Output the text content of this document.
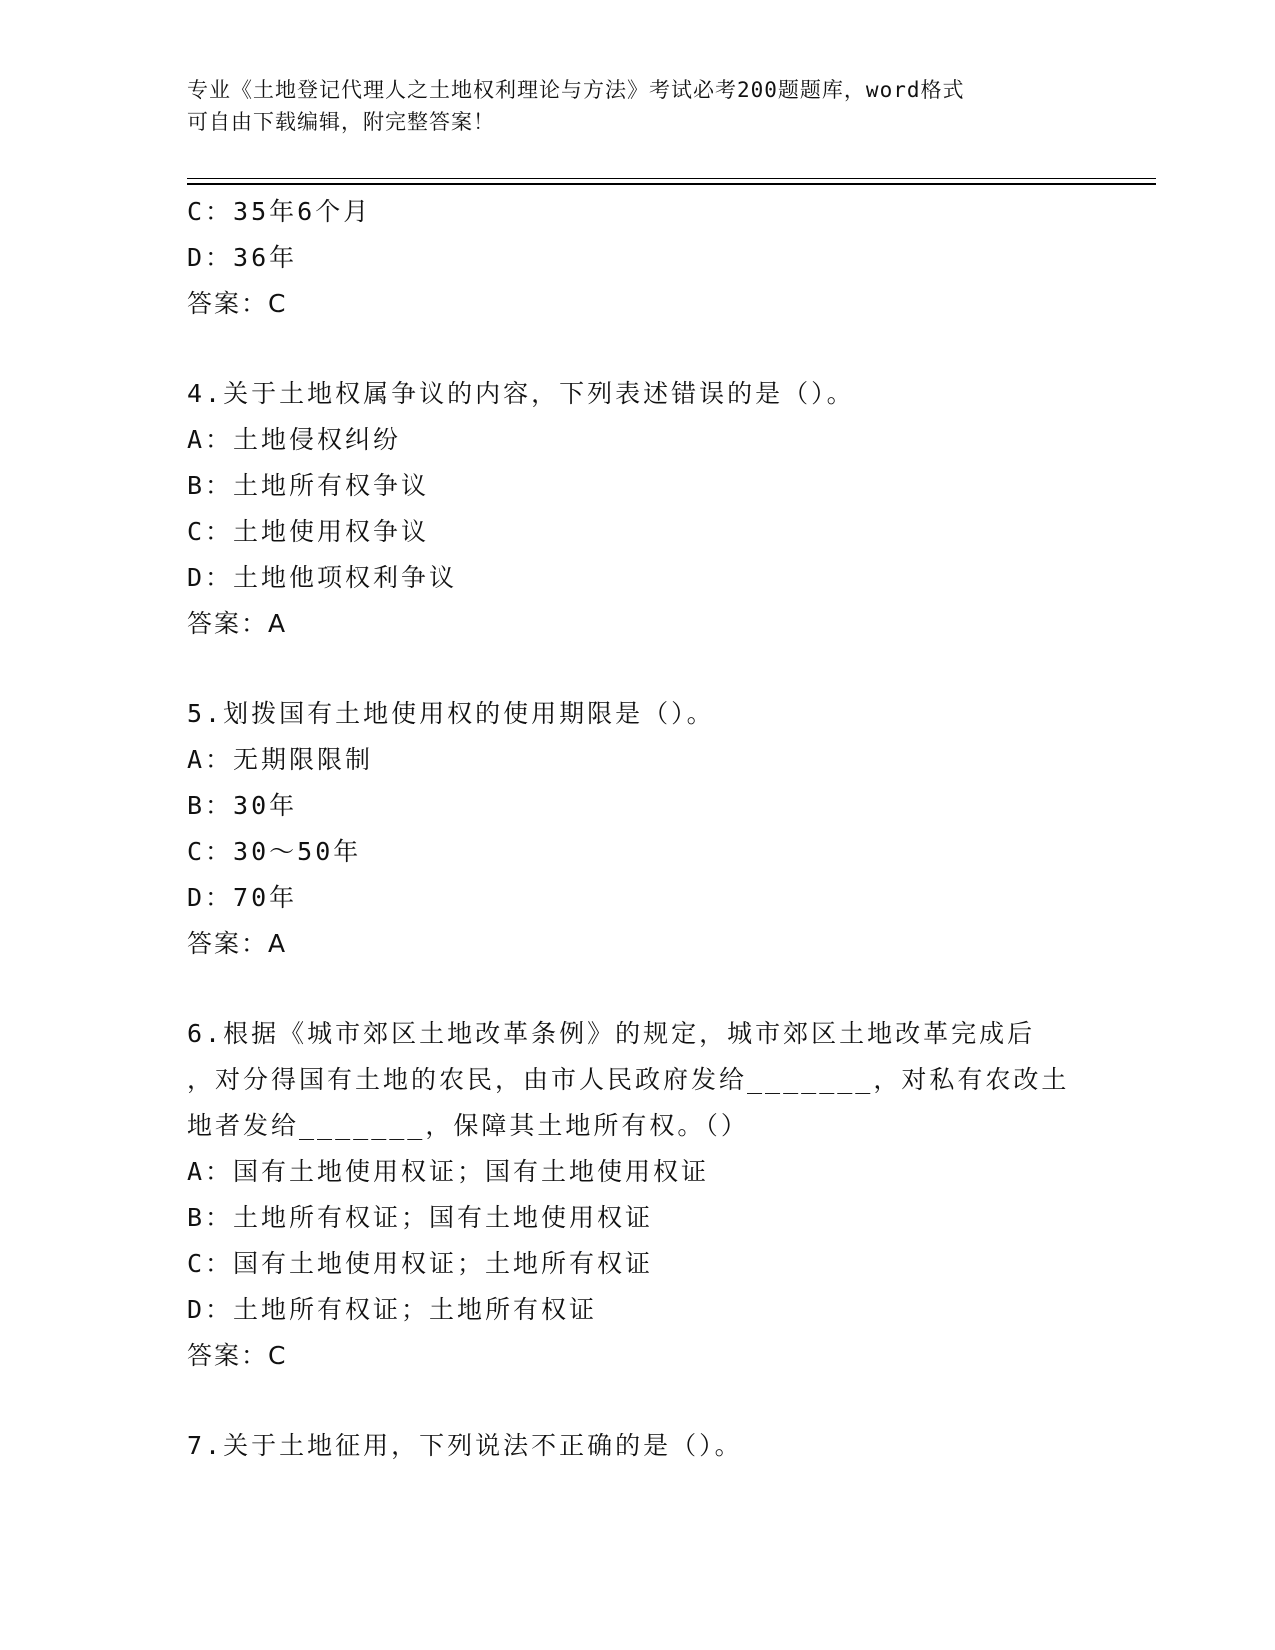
专业《土地登记代理人之土地权利理论与方法》考试必考200题题库，word格式
可自由下载编辑，附完整答案！
C：35年6个月
D：36年
答案：C
4.关于土地权属争议的内容，下列表述错误的是（）。
A：土地侵权纠纷
B：土地所有权争议
C：土地使用权争议
D：土地他项权利争议
答案：A
5.划拨国有土地使用权的使用期限是（）。
A：无期限限制
B：30年
C：30～50年
D：70年
答案：A
6.根据《城市郊区土地改革条例》的规定，城市郊区土地改革完成后
，对分得国有土地的农民，由市人民政府发给_______，对私有农改土
地者发给_______，保障其土地所有权。（）
A：国有土地使用权证；国有土地使用权证
B：土地所有权证；国有土地使用权证
C：国有土地使用权证；土地所有权证
D：土地所有权证；土地所有权证
答案：C
7.关于土地征用，下列说法不正确的是（）。
